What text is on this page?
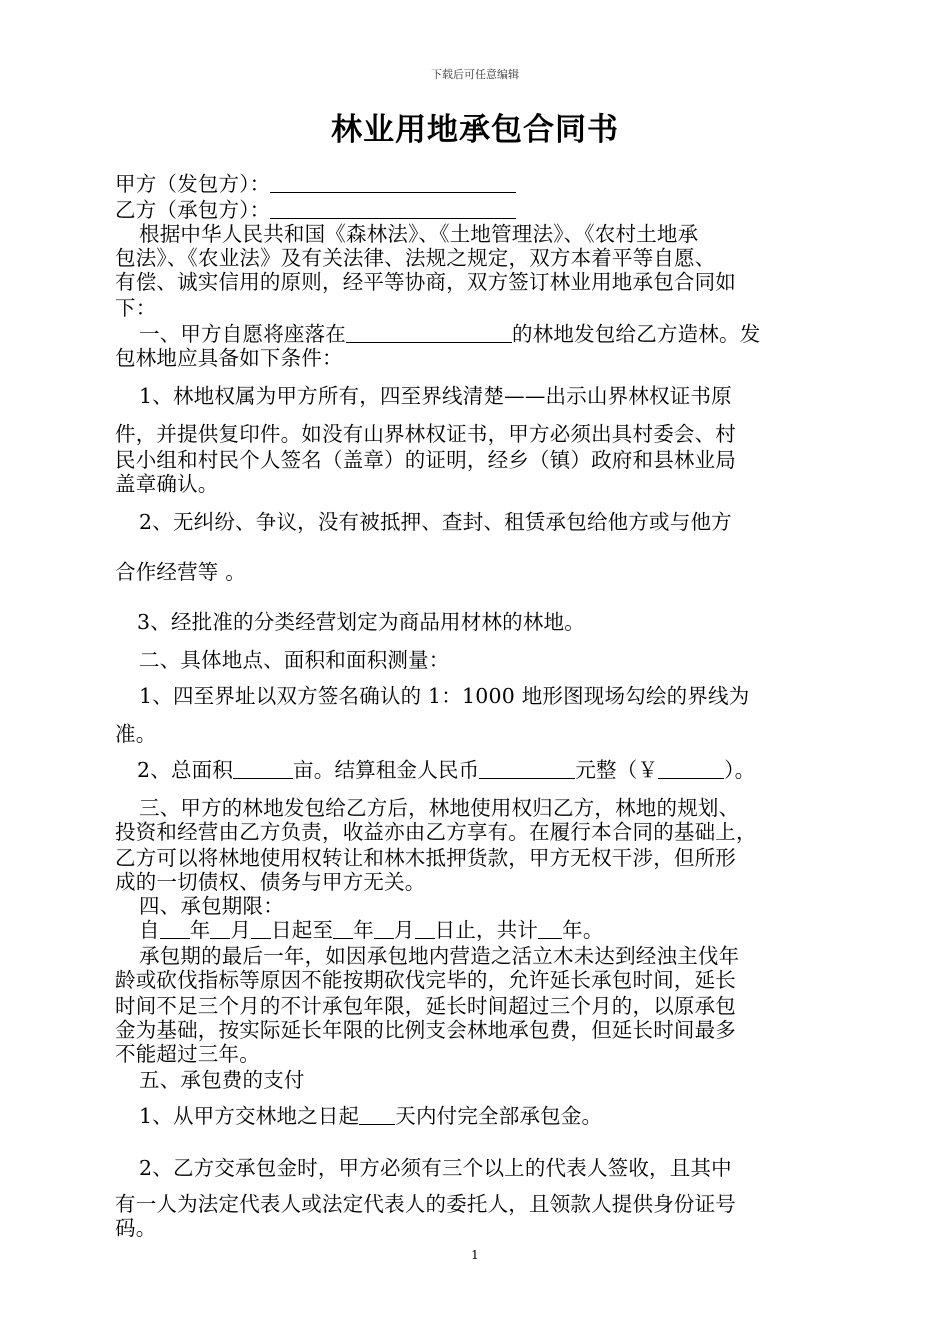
下载后可任意编辑
林业用地承包合同书
甲方（发包方）：
乙方（承包方）：
根据中华人民共和国《森林法》、《土地管理法》、《农村土地承
包法》、《农业法》及有关法律、法规之规定，双方本着平等自愿、
有偿、诚实信用的原则，经平等协商，双方签订林业用地承包合同如
下：
一、甲方自愿将座落在	的林地发包给乙方造林。发
包林地应具备如下条件：
1、林地权属为甲方所有，四至界线清楚——出示山界林权证书原
件，并提供复印件。如没有山界林权证书，甲方必须出具村委会、村
民小组和村民个人签名（盖章）的证明，经乡（镇）政府和县林业局
盖章确认。
2、无纠纷、争议，没有被抵押、查封、租赁承包给他方或与他方
合作经营等 。
3、经批准的分类经营划定为商品用材林的林地。
二、具体地点、面积和面积测量：
1、四至界址以双方签名确认的 1：1000 地形图现场勾绘的界线为
准。
2、总面积	亩。结算租金人民币	元整（￥	）。
三、甲方的林地发包给乙方后，林地使用权归乙方，林地的规划、
投资和经营由乙方负责，收益亦由乙方享有。在履行本合同的基础上，
乙方可以将林地使用权转让和林木抵押货款，甲方无权干涉，但所形
成的一切债权、债务与甲方无关。
四、承包期限：
自 年 月 日起至 年 月 日止，共计 年。
承包期的最后一年，如因承包地内营造之活立木未达到经浊主伐年
龄或砍伐指标等原因不能按期砍伐完毕的，允许延长承包时间，延长
时间不足三个月的不计承包年限，延长时间超过三个月的，以原承包
金为基础，按实际延长年限的比例支会林地承包费，但延长时间最多
不能超过三年。
五、承包费的支付
1、从甲方交林地之日起 天内付完全部承包金。
2、乙方交承包金时，甲方必须有三个以上的代表人签收，且其中
有一人为法定代表人或法定代表人的委托人，且领款人提供身份证号
码。
1
